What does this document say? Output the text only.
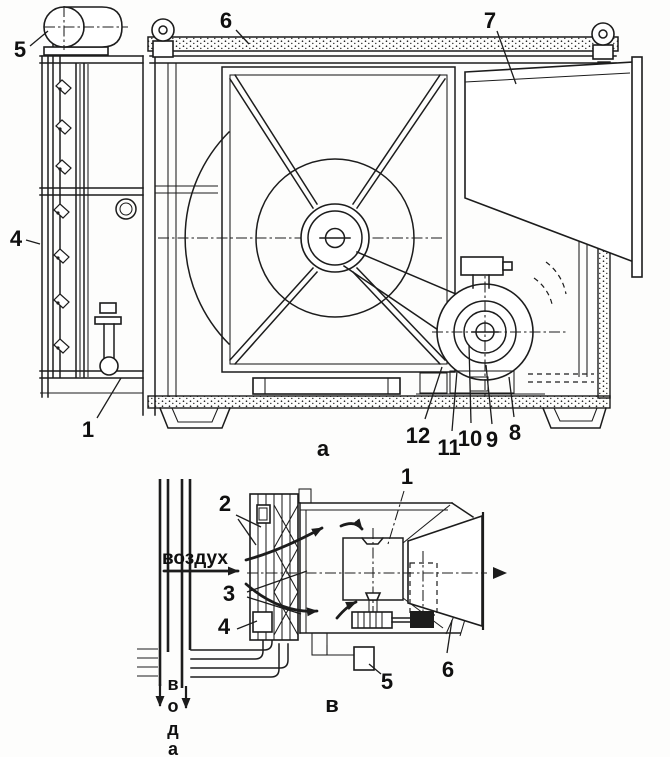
5
6	7
4
1	12 11
10 9 8
а
1
2
3
4
5 6
в
воздух
в
о
д
а
